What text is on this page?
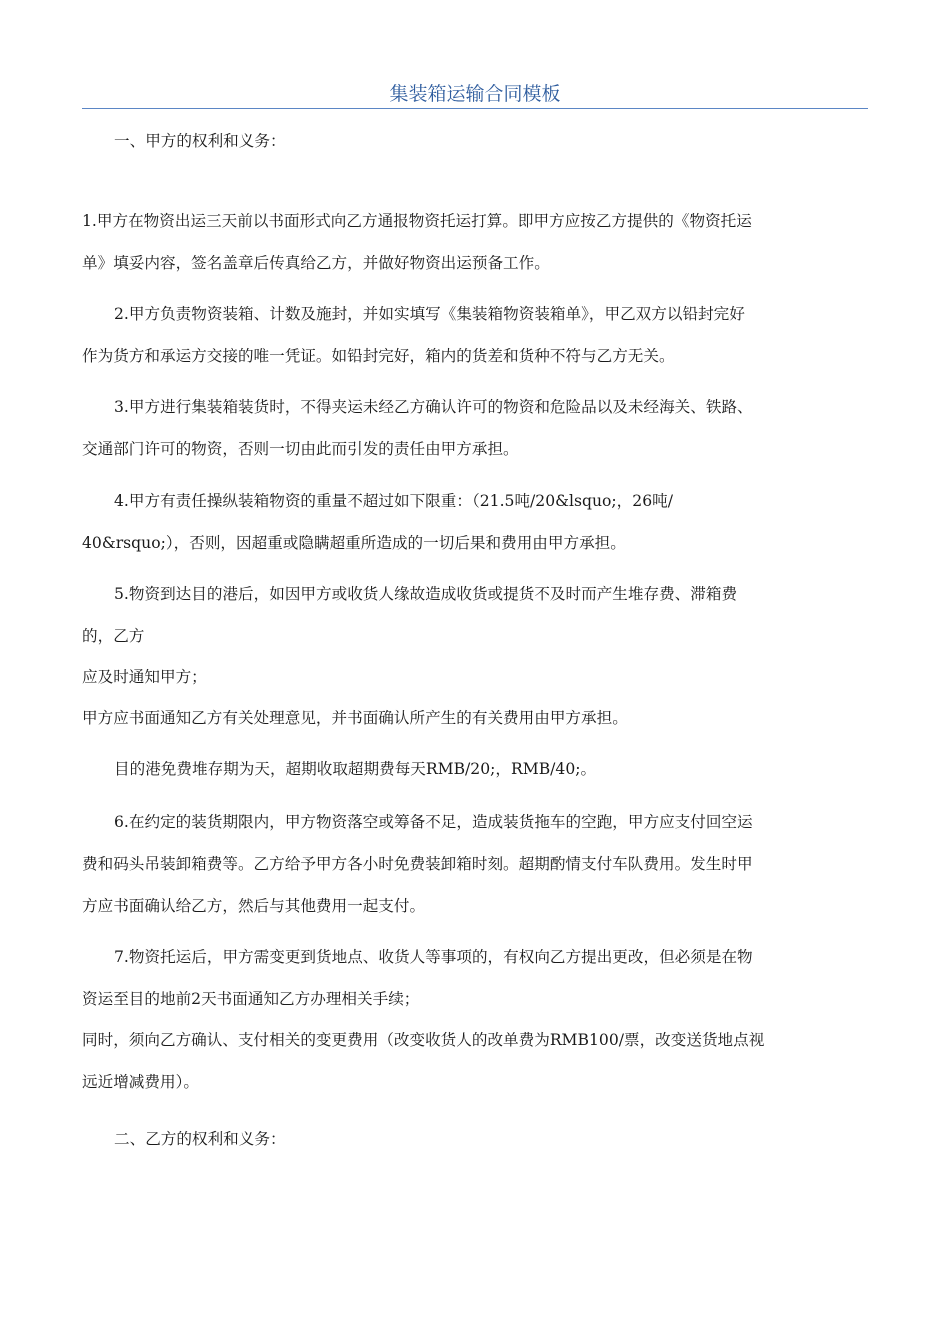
集装箱运输合同模板

一、甲方的权利和义务：

1.甲方在物资出运三天前以书面形式向乙方通报物资托运打算。即甲方应按乙方提供的《物资托运

单》填妥内容，签名盖章后传真给乙方，并做好物资出运预备工作。

2.甲方负责物资装箱、计数及施封，并如实填写《集装箱物资装箱单》，甲乙双方以铅封完好

作为货方和承运方交接的唯一凭证。如铅封完好，箱内的货差和货种不符与乙方无关。

3.甲方进行集装箱装货时，不得夹运未经乙方确认许可的物资和危险品以及未经海关、铁路、

交通部门许可的物资，否则一切由此而引发的责任由甲方承担。

4.甲方有责任操纵装箱物资的重量不超过如下限重：（21.5吨/20&lsquo;，26吨/

40&rsquo;），否则，因超重或隐瞒超重所造成的一切后果和费用由甲方承担。

5.物资到达目的港后，如因甲方或收货人缘故造成收货或提货不及时而产生堆存费、滞箱费

的，乙方

应及时通知甲方；

甲方应书面通知乙方有关处理意见，并书面确认所产生的有关费用由甲方承担。

目的港免费堆存期为天，超期收取超期费每天RMB/20;，RMB/40;。

6.在约定的装货期限内，甲方物资落空或筹备不足，造成装货拖车的空跑，甲方应支付回空运

费和码头吊装卸箱费等。乙方给予甲方各小时免费装卸箱时刻。超期酌情支付车队费用。发生时甲

方应书面确认给乙方，然后与其他费用一起支付。

7.物资托运后，甲方需变更到货地点、收货人等事项的，有权向乙方提出更改，但必须是在物

资运至目的地前2天书面通知乙方办理相关手续；

同时，须向乙方确认、支付相关的变更费用（改变收货人的改单费为RMB100/票，改变送货地点视

远近增减费用）。

二、乙方的权利和义务：
